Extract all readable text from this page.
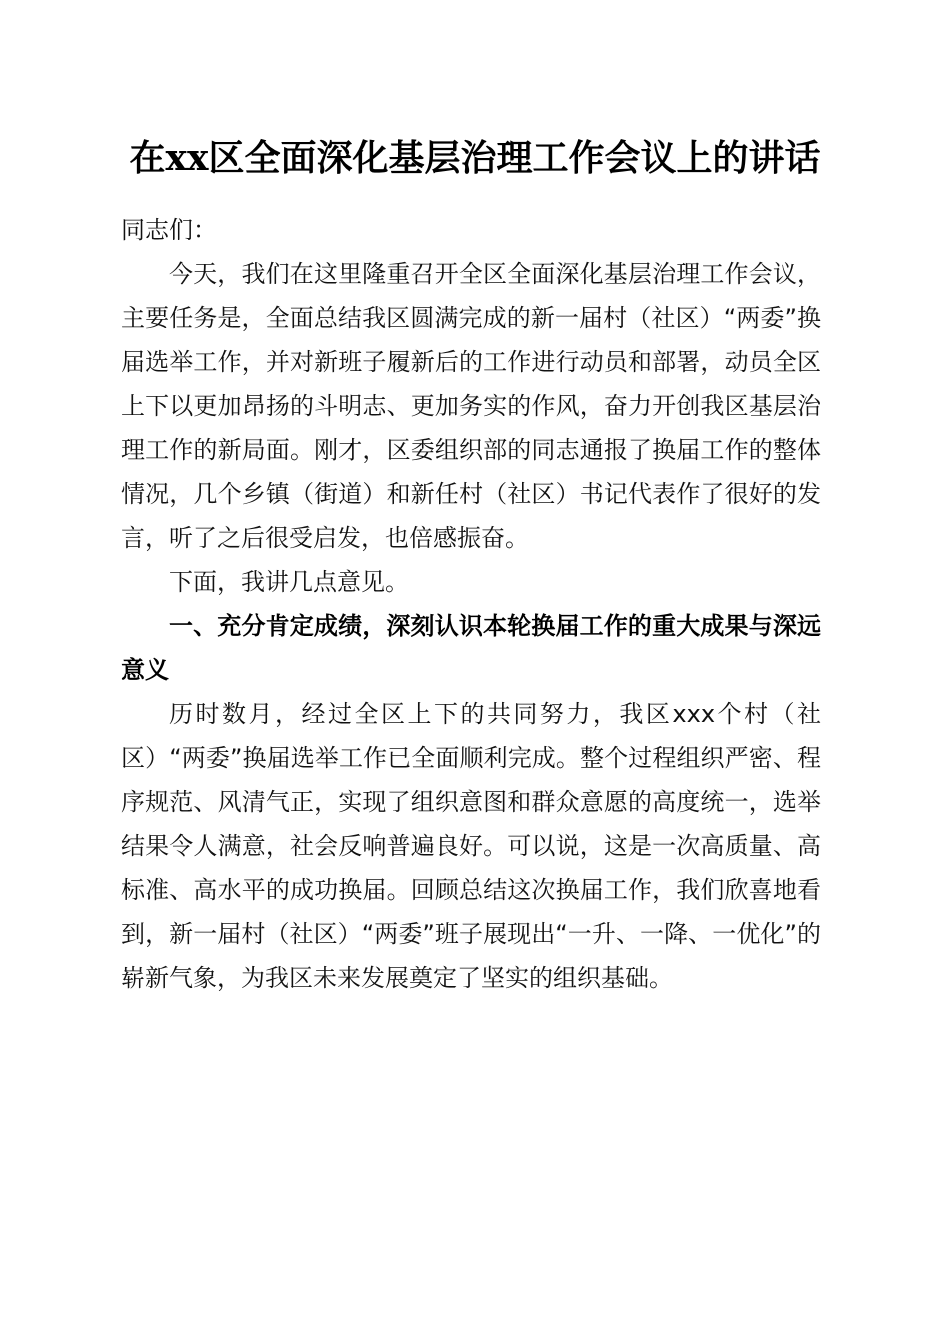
在xx区全面深化基层治理工作会议上的讲话

同志们：

今天，我们在这里隆重召开全区全面深化基层治理工作会议，主要任务是，全面总结我区圆满完成的新一届村（社区）“两委”换届选举工作，并对新班子履新后的工作进行动员和部署，动员全区上下以更加昂扬的斗明志、更加务实的作风，奋力开创我区基层治理工作的新局面。刚才，区委组织部的同志通报了换届工作的整体情况，几个乡镇（街道）和新任村（社区）书记代表作了很好的发言，听了之后很受启发，也倍感振奋。

下面，我讲几点意见。

一、充分肯定成绩，深刻认识本轮换届工作的重大成果与深远意义

历时数月，经过全区上下的共同努力，我区xxx个村（社区）“两委”换届选举工作已全面顺利完成。整个过程组织严密、程序规范、风清气正，实现了组织意图和群众意愿的高度统一，选举结果令人满意，社会反响普遍良好。可以说，这是一次高质量、高标准、高水平的成功换届。回顾总结这次换届工作，我们欣喜地看到，新一届村（社区）“两委”班子展现出“一升、一降、一优化”的崭新气象，为我区未来发展奠定了坚实的组织基础。
